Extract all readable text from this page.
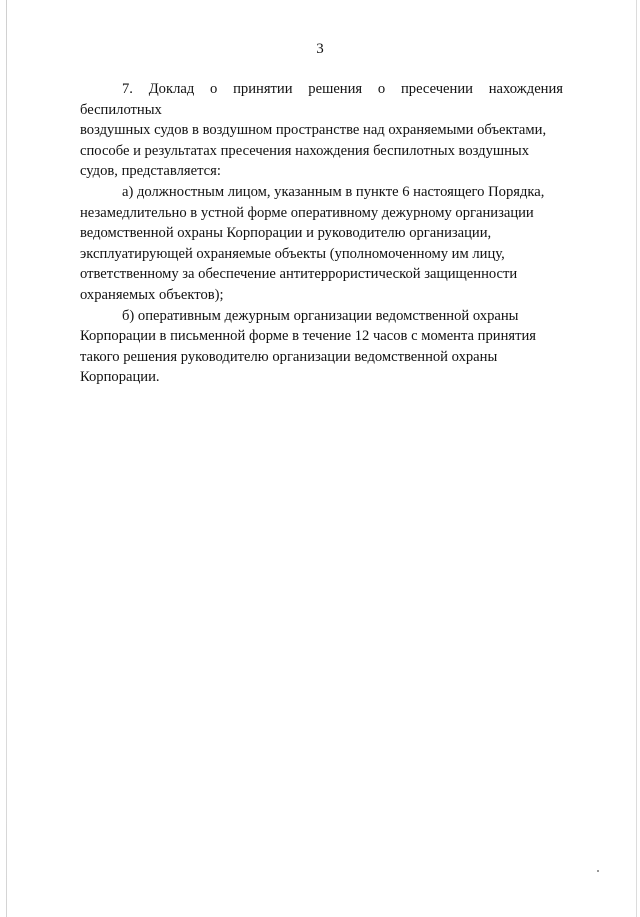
3

7. Доклад о принятии решения о пресечении нахождения беспилотных
воздушных судов в воздушном пространстве над охраняемыми объектами,
способе и результатах пресечения нахождения беспилотных воздушных
судов, представляется:

а) должностным лицом, указанным в пункте 6 настоящего Порядка,
незамедлительно в устной форме оперативному дежурному организации
ведомственной охраны Корпорации и руководителю организации,
эксплуатирующей охраняемые объекты (уполномоченному им лицу,
ответственному за обеспечение антитеррористической защищенности
охраняемых объектов);

б) оперативным дежурным организации ведомственной охраны
Корпорации в письменной форме в течение 12 часов с момента принятия
такого решения руководителю организации ведомственной охраны
Корпорации.
